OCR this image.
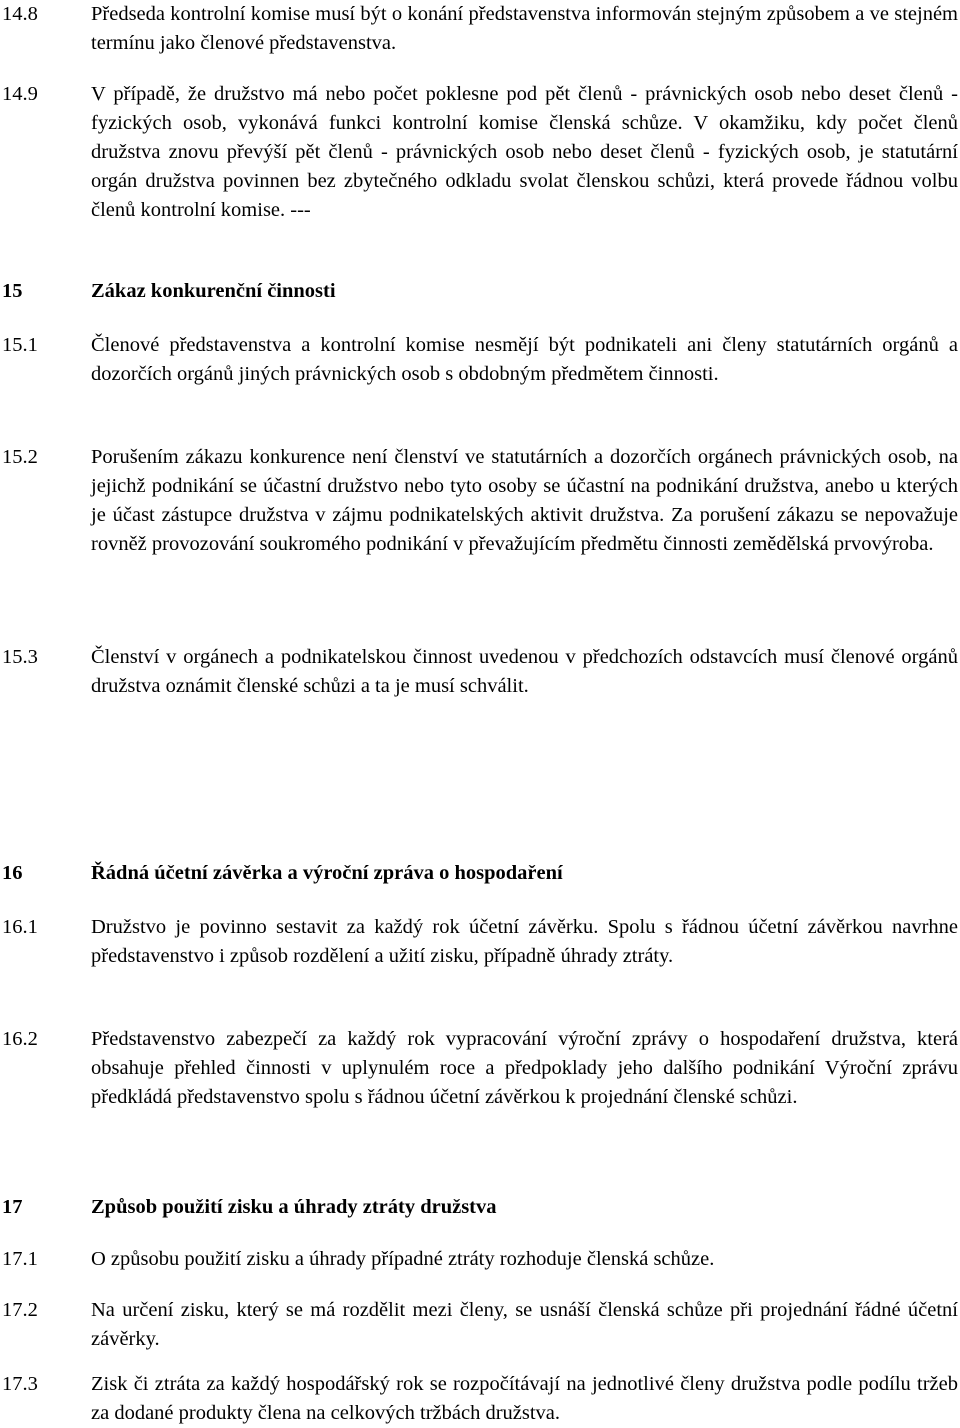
14.8	Předseda kontrolní komise musí být o konání představenstva informován stejným způsobem a ve stejném termínu jako členové představenstva.
14.9	V případě, že družstvo má nebo počet poklesne pod pět členů - právnických osob nebo deset členů - fyzických osob, vykonává funkci kontrolní komise členská schůze. V okamžiku, kdy počet členů družstva znovu převýší pět členů - právnických osob nebo deset členů - fyzických osob, je statutární orgán družstva povinnen bez zbytečného odkladu svolat členskou schůzi, která provede řádnou volbu členů kontrolní komise. ---
15	Zákaz konkurenční činnosti
15.1	Členové představenstva a kontrolní komise nesmějí být podnikateli ani členy statutárních orgánů a dozorčích orgánů jiných právnických osob s obdobným předmětem činnosti.
15.2	Porušením zákazu konkurence není členství ve statutárních a dozorčích orgánech právnických osob, na jejichž podnikání se účastní družstvo nebo tyto osoby se účastní na podnikání družstva, anebo u kterých je účast zástupce družstva v zájmu podnikatelských aktivit družstva. Za porušení zákazu se nepovažuje rovněž provozování soukromého podnikání v převažujícím předmětu činnosti zemědělská prvovýroba.
15.3	Členství v orgánech a podnikatelskou činnost uvedenou v předchozích odstavcích musí členové orgánů družstva oznámit členské schůzi a ta je musí schválit.
16	Řádná účetní závěrka a výroční zpráva o hospodaření
16.1	Družstvo je povinno sestavit za každý rok účetní závěrku. Spolu s řádnou účetní závěrkou navrhne představenstvo i způsob rozdělení a užití zisku, případně úhrady ztráty.
16.2	Představenstvo zabezpečí za každý rok vypracování výroční zprávy o hospodaření družstva, která obsahuje přehled činnosti v uplynulém roce a předpoklady jeho dalšího podnikání Výroční zprávu předkládá představenstvo spolu s řádnou účetní závěrkou k projednání členské schůzi.
17	Způsob použití zisku a úhrady ztráty družstva
17.1	O způsobu použití zisku a úhrady případné ztráty rozhoduje členská schůze.
17.2	Na určení zisku, který se má rozdělit mezi členy, se usnáší členská schůze při projednání řádné účetní závěrky.
17.3	Zisk či ztráta za každý hospodářský rok se rozpočítávají na jednotlivé členy družstva podle podílu tržeb za dodané produkty člena na celkových tržbách družstva.
